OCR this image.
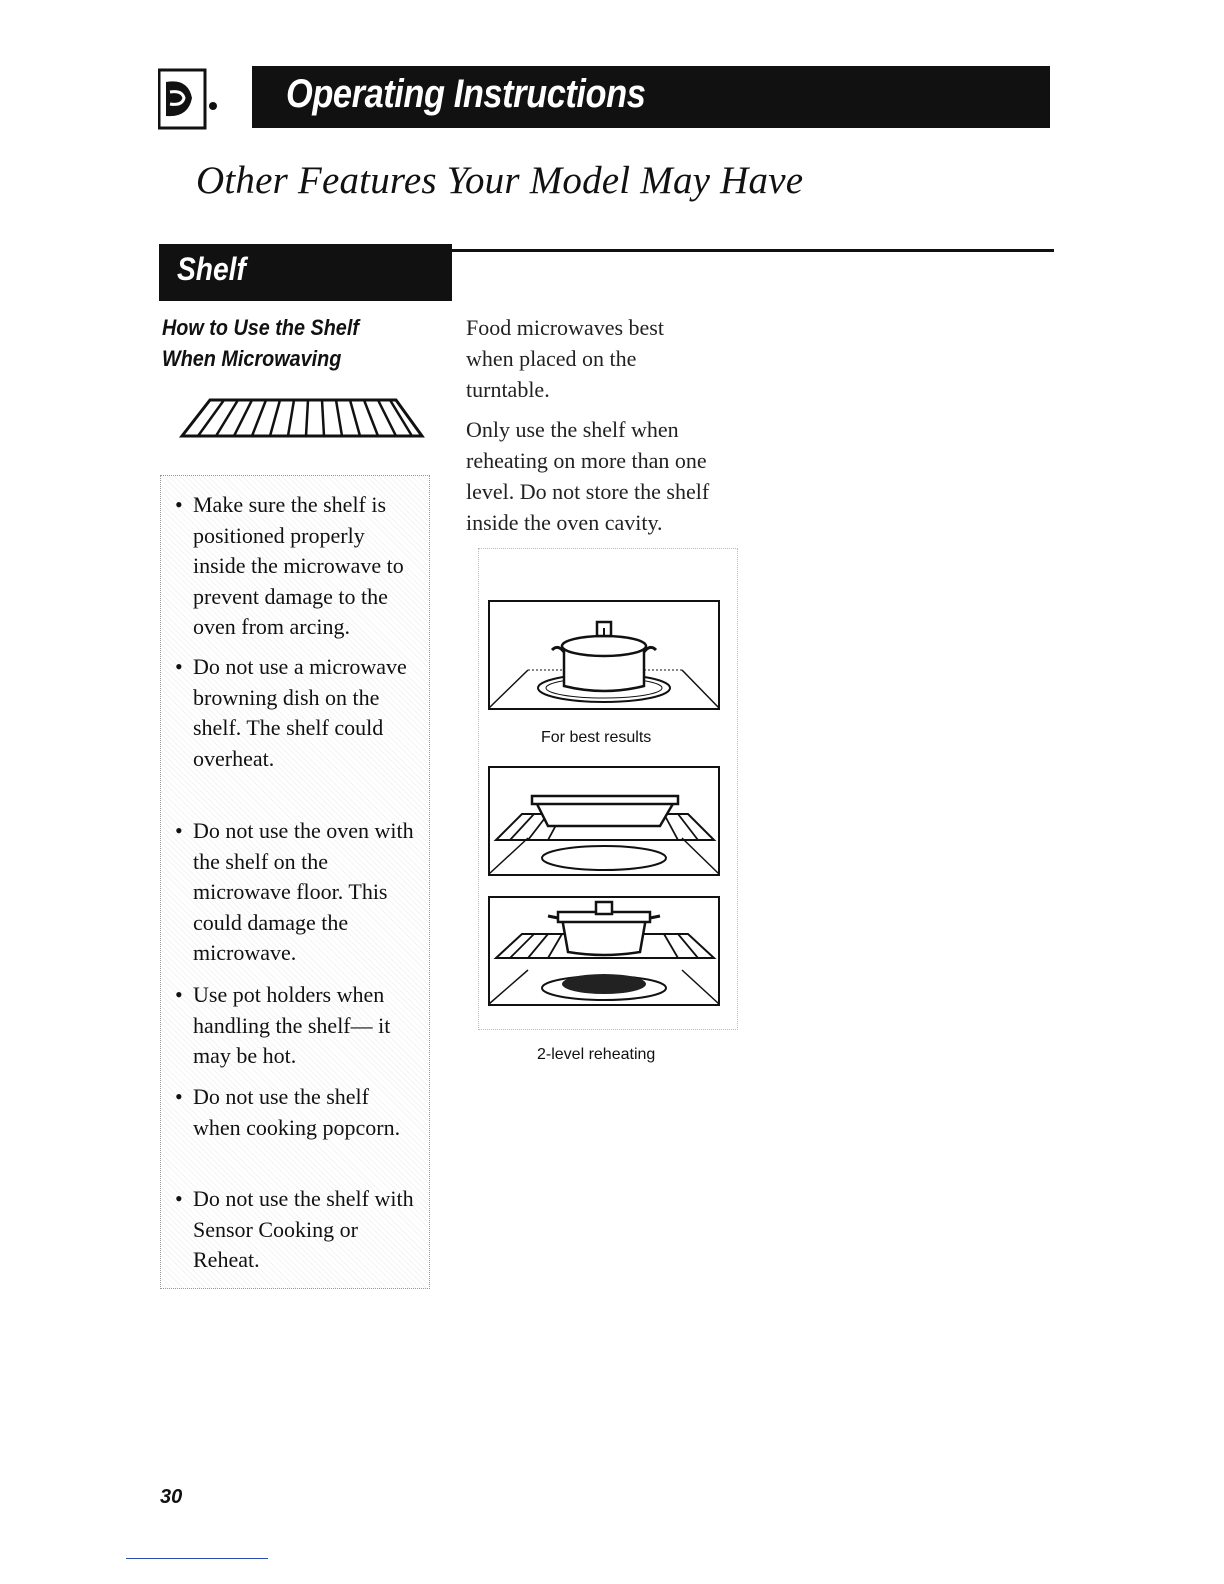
Operating Instructions
Other Features Your Model May Have
Shelf
How to Use the Shelf
When Microwaving
• Make sure the shelf is positioned properly inside the microwave to prevent damage to the oven from arcing.
• Do not use a microwave browning dish on the shelf. The shelf could overheat.
• Do not use the oven with the shelf on the microwave floor. This could damage the microwave.
• Use pot holders when handling the shelf— it may be hot.
• Do not use the shelf when cooking popcorn.
• Do not use the shelf with Sensor Cooking or Reheat.
Food microwaves best when placed on the turntable.
Only use the shelf when reheating on more than one level. Do not store the shelf inside the oven cavity.
For best results
2-level reheating
30
